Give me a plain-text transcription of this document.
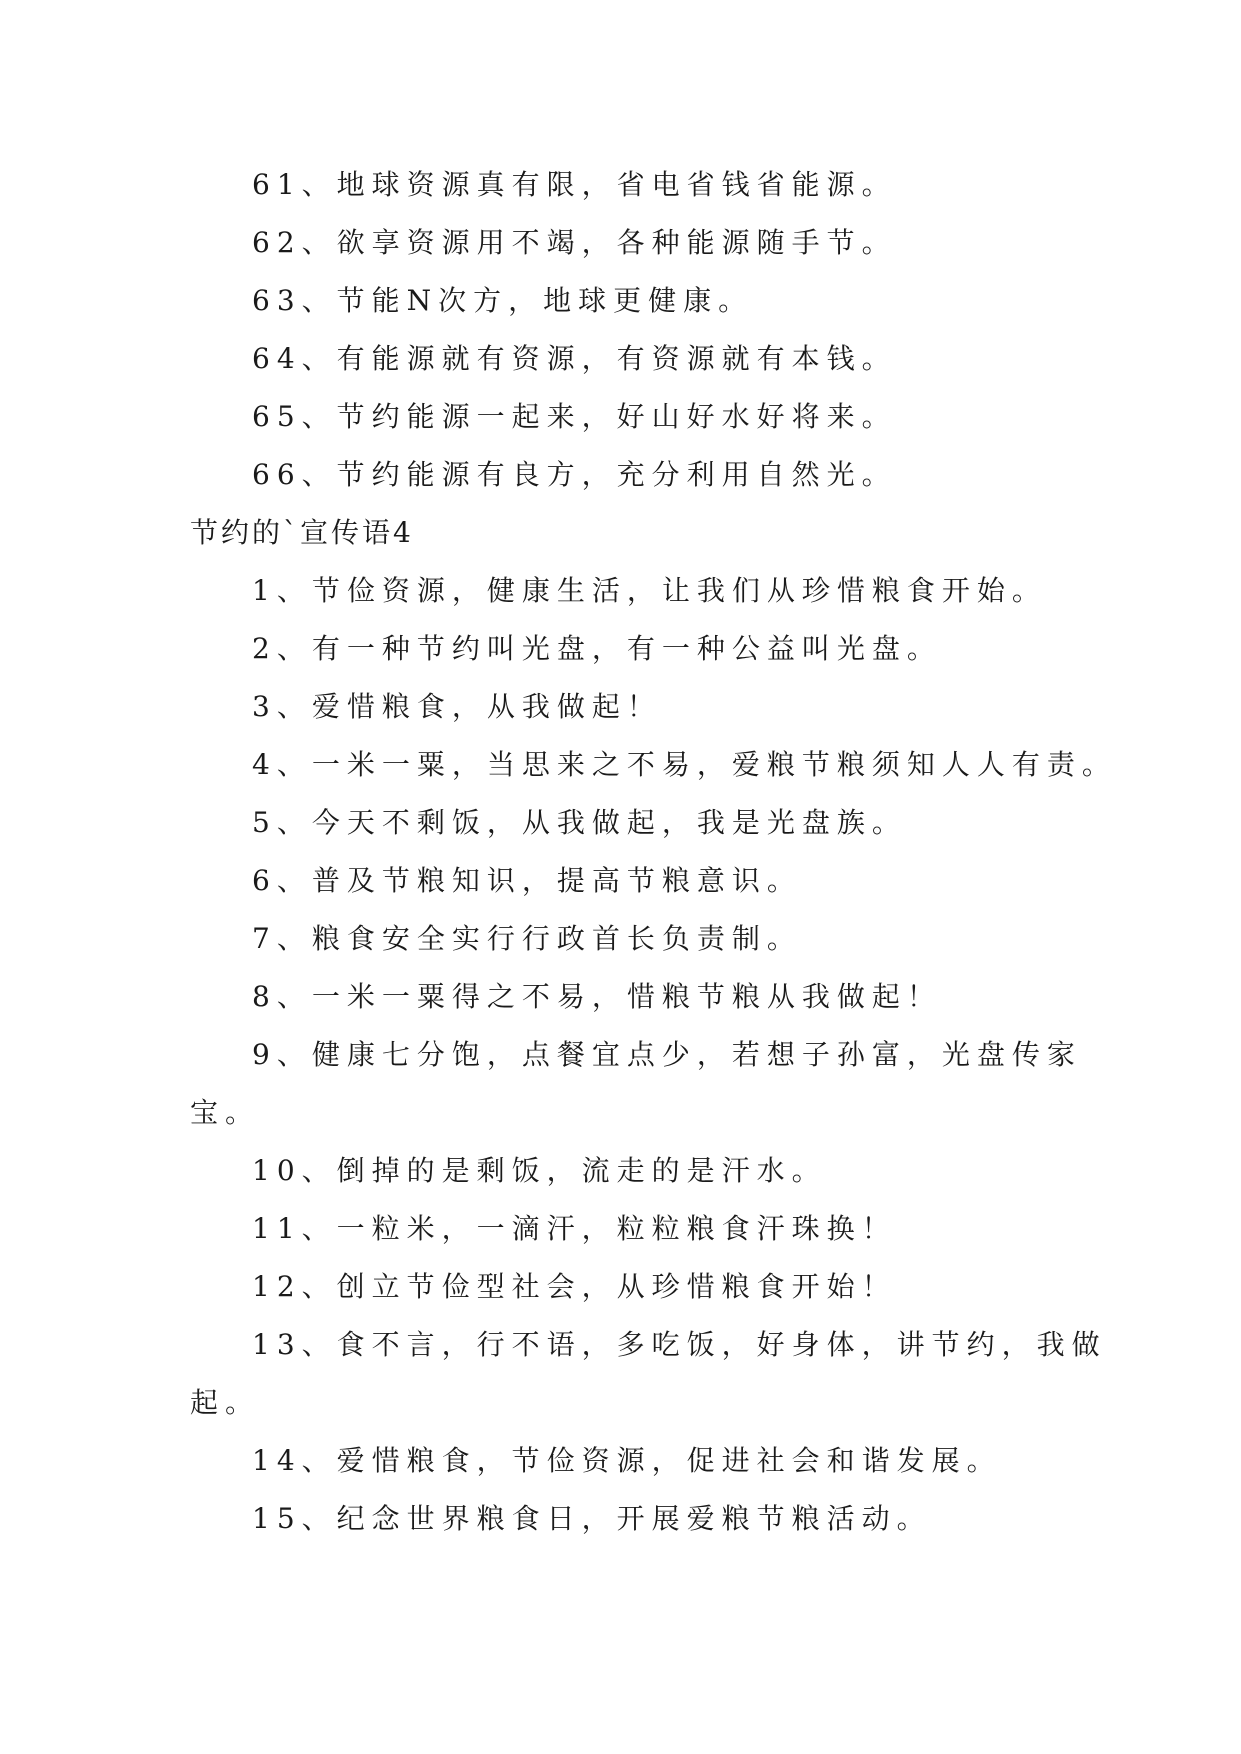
61、地球资源真有限，省电省钱省能源。
62、欲享资源用不竭，各种能源随手节。
63、节能N次方，地球更健康。
64、有能源就有资源，有资源就有本钱。
65、节约能源一起来，好山好水好将来。
66、节约能源有良方，充分利用自然光。
节约的`宣传语4
1、节俭资源，健康生活，让我们从珍惜粮食开始。
2、有一种节约叫光盘，有一种公益叫光盘。
3、爱惜粮食，从我做起！
4、一米一粟，当思来之不易，爱粮节粮须知人人有责。
5、今天不剩饭，从我做起，我是光盘族。
6、普及节粮知识，提高节粮意识。
7、粮食安全实行行政首长负责制。
8、一米一粟得之不易，惜粮节粮从我做起！
9、健康七分饱，点餐宜点少，若想子孙富，光盘传家
宝。
10、倒掉的是剩饭，流走的是汗水。
11、一粒米，一滴汗，粒粒粮食汗珠换！
12、创立节俭型社会，从珍惜粮食开始！
13、食不言，行不语，多吃饭，好身体，讲节约，我做
起。
14、爱惜粮食，节俭资源，促进社会和谐发展。
15、纪念世界粮食日，开展爱粮节粮活动。
